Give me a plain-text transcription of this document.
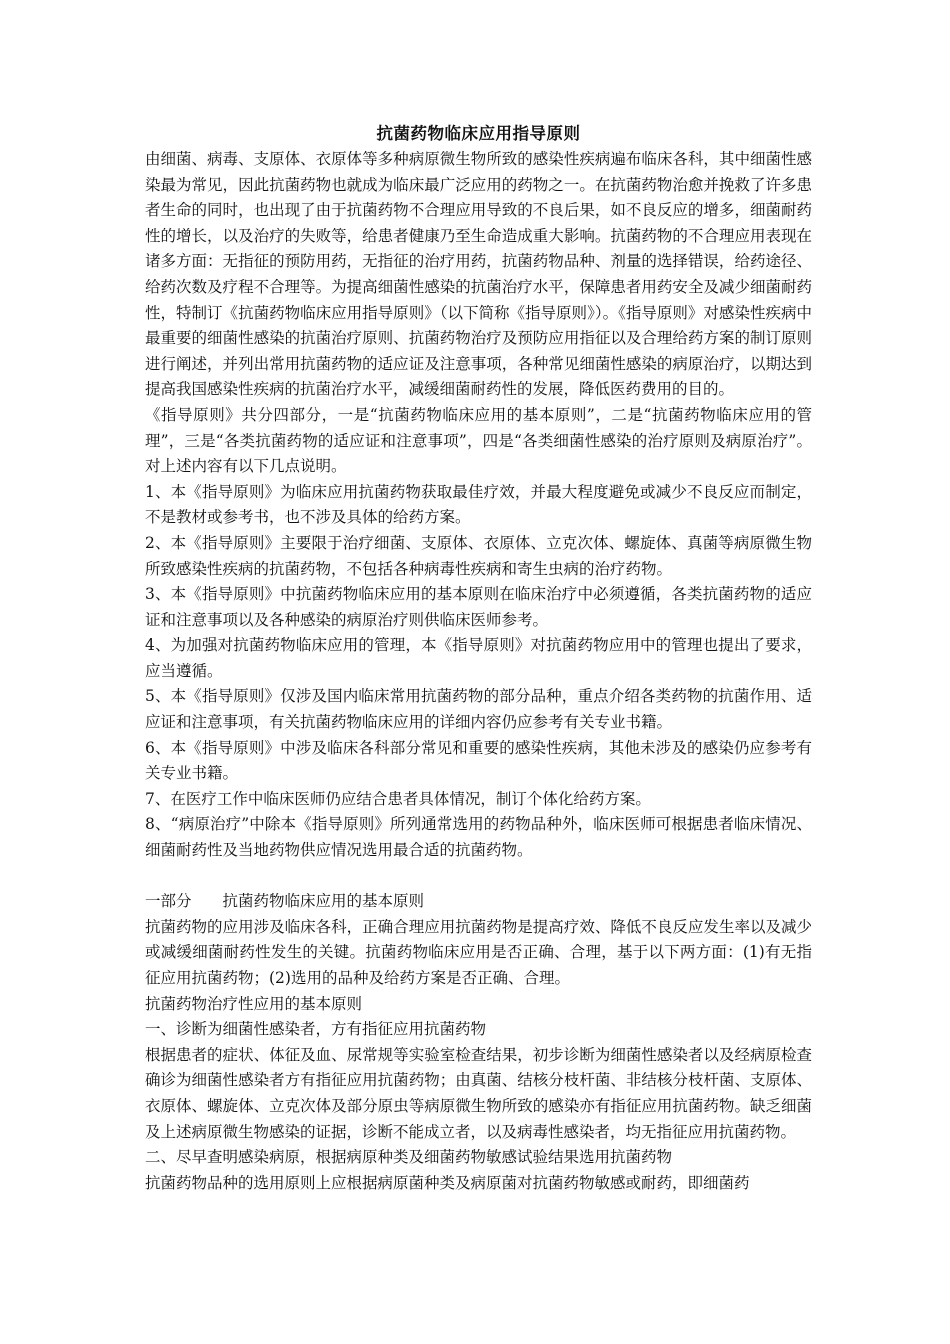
抗菌药物临床应用指导原则

由细菌、病毒、支原体、衣原体等多种病原微生物所致的感染性疾病遍布临床各科，其中细菌性感染最为常见，因此抗菌药物也就成为临床最广泛应用的药物之一。在抗菌药物治愈并挽救了许多患者生命的同时，也出现了由于抗菌药物不合理应用导致的不良后果，如不良反应的增多，细菌耐药性的增长，以及治疗的失败等，给患者健康乃至生命造成重大影响。抗菌药物的不合理应用表现在诸多方面：无指征的预防用药，无指征的治疗用药，抗菌药物品种、剂量的选择错误，给药途径、给药次数及疗程不合理等。为提高细菌性感染的抗菌治疗水平，保障患者用药安全及减少细菌耐药性，特制订《抗菌药物临床应用指导原则》（以下简称《指导原则》）。《指导原则》对感染性疾病中最重要的细菌性感染的抗菌治疗原则、抗菌药物治疗及预防应用指征以及合理给药方案的制订原则进行阐述，并列出常用抗菌药物的适应证及注意事项，各种常见细菌性感染的病原治疗，以期达到提高我国感染性疾病的抗菌治疗水平，减缓细菌耐药性的发展，降低医药费用的目的。

《指导原则》共分四部分，一是“抗菌药物临床应用的基本原则”，二是“抗菌药物临床应用的管理”，三是“各类抗菌药物的适应证和注意事项”，四是“各类细菌性感染的治疗原则及病原治疗”。对上述内容有以下几点说明。

1、本《指导原则》为临床应用抗菌药物获取最佳疗效，并最大程度避免或减少不良反应而制定，不是教材或参考书，也不涉及具体的给药方案。

2、本《指导原则》主要限于治疗细菌、支原体、衣原体、立克次体、螺旋体、真菌等病原微生物所致感染性疾病的抗菌药物，不包括各种病毒性疾病和寄生虫病的治疗药物。

3、本《指导原则》中抗菌药物临床应用的基本原则在临床治疗中必须遵循，各类抗菌药物的适应证和注意事项以及各种感染的病原治疗则供临床医师参考。

4、为加强对抗菌药物临床应用的管理，本《指导原则》对抗菌药物应用中的管理也提出了要求，应当遵循。

5、本《指导原则》仅涉及国内临床常用抗菌药物的部分品种，重点介绍各类药物的抗菌作用、适应证和注意事项，有关抗菌药物临床应用的详细内容仍应参考有关专业书籍。

6、本《指导原则》中涉及临床各科部分常见和重要的感染性疾病，其他未涉及的感染仍应参考有关专业书籍。

7、在医疗工作中临床医师仍应结合患者具体情况，制订个体化给药方案。

8、“病原治疗”中除本《指导原则》所列通常选用的药物品种外，临床医师可根据患者临床情况、细菌耐药性及当地药物供应情况选用最合适的抗菌药物。

一部分　　抗菌药物临床应用的基本原则

抗菌药物的应用涉及临床各科，正确合理应用抗菌药物是提高疗效、降低不良反应发生率以及减少或减缓细菌耐药性发生的关键。抗菌药物临床应用是否正确、合理，基于以下两方面：(1)有无指征应用抗菌药物；(2)选用的品种及给药方案是否正确、合理。

抗菌药物治疗性应用的基本原则

一、诊断为细菌性感染者，方有指征应用抗菌药物

根据患者的症状、体征及血、尿常规等实验室检查结果，初步诊断为细菌性感染者以及经病原检查确诊为细菌性感染者方有指征应用抗菌药物；由真菌、结核分枝杆菌、非结核分枝杆菌、支原体、衣原体、螺旋体、立克次体及部分原虫等病原微生物所致的感染亦有指征应用抗菌药物。缺乏细菌及上述病原微生物感染的证据，诊断不能成立者，以及病毒性感染者，均无指征应用抗菌药物。

二、尽早查明感染病原，根据病原种类及细菌药物敏感试验结果选用抗菌药物

抗菌药物品种的选用原则上应根据病原菌种类及病原菌对抗菌药物敏感或耐药，即细菌药
